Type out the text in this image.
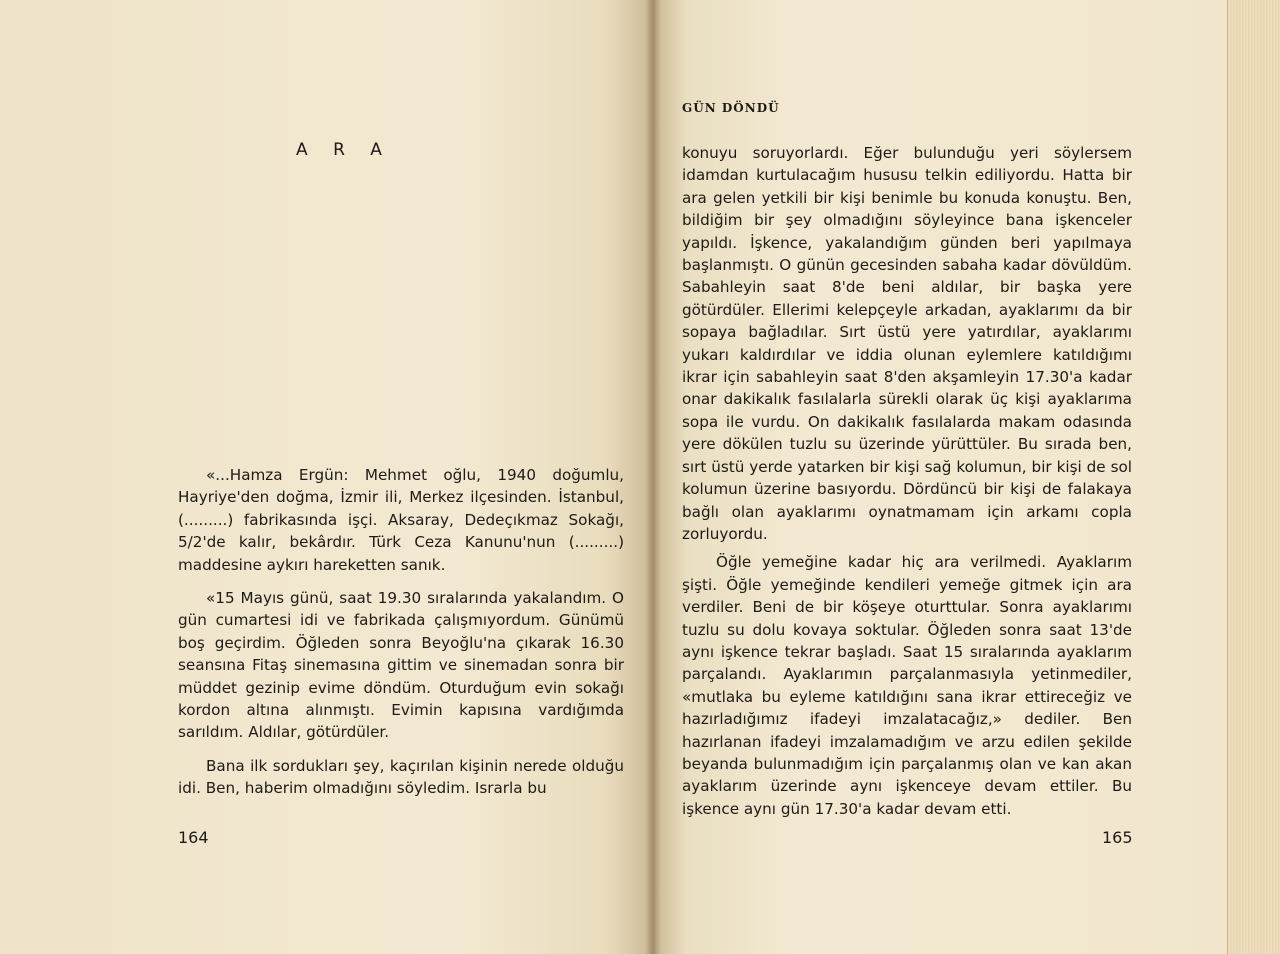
A R A

«...Hamza Ergün: Mehmet oğlu, 1940 doğumlu, Hayriye'den doğma, İzmir ili, Merkez ilçesinden. İstanbul, (.........) fabrikasında işçi. Aksaray, Dedeçıkmaz Sokağı, 5/2'de kalır, bekârdır. Türk Ceza Kanunu'nun (.........) maddesine aykırı hareketten sanık.

«15 Mayıs günü, saat 19.30 sıralarında yakalandım. O gün cumartesi idi ve fabrikada çalışmıyordum. Günümü boş geçirdim. Öğleden sonra Beyoğlu'na çıkarak 16.30 seansına Fitaş sinemasına gittim ve sinemadan sonra bir müddet gezinip evime döndüm. Oturduğum evin sokağı kordon altına alınmıştı. Evimin kapısına vardığımda sarıldım. Aldılar, götürdüler.

Bana ilk sordukları şey, kaçırılan kişinin nerede olduğu idi. Ben, haberim olmadığını söyledim. Israrla bu

164
GÜN DÖNDÜ

konuyu soruyorlardı. Eğer bulunduğu yeri söylersem idamdan kurtulacağım hususu telkin ediliyordu. Hatta bir ara gelen yetkili bir kişi benimle bu konuda konuştu. Ben, bildiğim bir şey olmadığını söyleyince bana işkenceler yapıldı. İşkence, yakalandığım günden beri yapılmaya başlanmıştı. O günün gecesinden sabaha kadar dövüldüm. Sabahleyin saat 8'de beni aldılar, bir başka yere götürdüler. Ellerimi kelepçeyle arkadan, ayaklarımı da bir sopaya bağladılar. Sırt üstü yere yatırdılar, ayaklarımı yukarı kaldırdılar ve iddia olunan eylemlere katıldığımı ikrar için sabahleyin saat 8'den akşamleyin 17.30'a kadar onar dakikalık fasılalarla sürekli olarak üç kişi ayaklarıma sopa ile vurdu. On dakikalık fasılalarda makam odasında yere dökülen tuzlu su üzerinde yürüttüler. Bu sırada ben, sırt üstü yerde yatarken bir kişi sağ kolumun, bir kişi de sol kolumun üzerine basıyordu. Dördüncü bir kişi de falakaya bağlı olan ayaklarımı oynatmamam için arkamı copla zorluyordu.

Öğle yemeğine kadar hiç ara verilmedi. Ayaklarım şişti. Öğle yemeğinde kendileri yemeğe gitmek için ara verdiler. Beni de bir köşeye oturttular. Sonra ayaklarımı tuzlu su dolu kovaya soktular. Öğleden sonra saat 13'de aynı işkence tekrar başladı. Saat 15 sıralarında ayaklarım parçalandı. Ayaklarımın parçalanmasıyla yetinmediler, «mutlaka bu eyleme katıldığını sana ikrar ettireceğiz ve hazırladığımız ifadeyi imzalatacağız,» dediler. Ben hazırlanan ifadeyi imzalamadığım ve arzu edilen şekilde beyanda bulunmadığım için parçalanmış olan ve kan akan ayaklarım üzerinde aynı işkenceye devam ettiler. Bu işkence aynı gün 17.30'a kadar devam etti.

165
